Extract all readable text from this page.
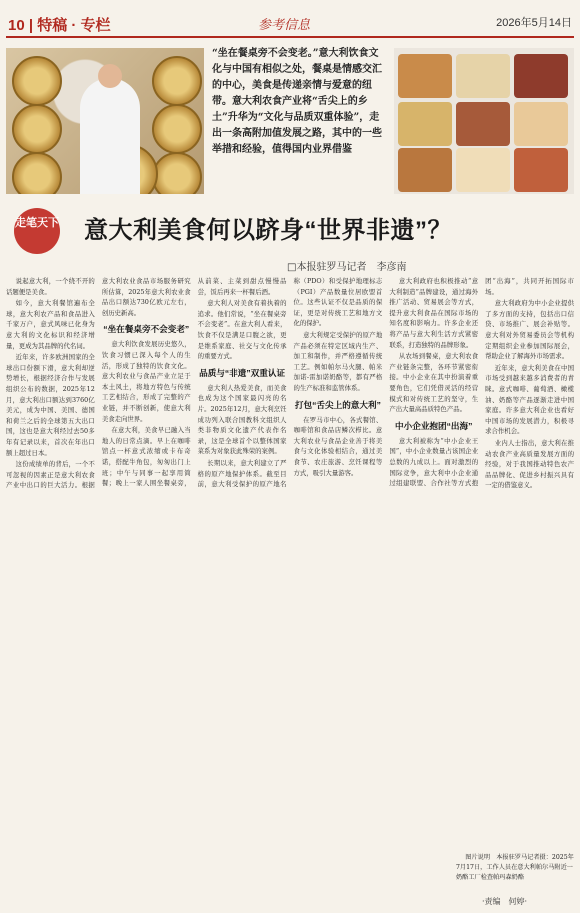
10 | 特稿 · 专栏	参考信息	2026年5月14日
“坐在餐桌旁不会变老。”意大利饮食文化与中国有相似之处，餐桌是情感交汇的中心，美食是传递亲情与爱意的纽带。意大利农食产业将“舌尖上的乡土”升华为“文化与品质双重体验”，走出一条高附加值发展之路，其中的一些举措和经验，值得国内业界借鉴
走笔天下 意大利美食何以跻身“世界非遗”？
□本报驻罗马记者　李彦南

说起意大利，一个绕不开的话题便是美食。

如今，意大利餐馆遍布全球，意大利农产品和食品进入千家万户，意式风味已化身为意大利的文化标识和经济增量，更成为其品牌的代名词。

近年来，许多欧洲国家的全球出口份额下滑，意大利却逆势增长，根据经济合作与发展组织公布的数据，2025年12月，意大利出口额达到3760亿美元，成为中国、美国、德国和荷兰之后的全球第五大出口国，这也是意大利经过去50多年有记录以来，首次在年出口额上超过日本。

这份成绩单的背后，一个不可忽视的因素正是意大利农食产业中出口的巨大活力。根据意大利农业食品市场服务研究所估算，2025年意大利农业食品出口额达730亿欧元左右，创历史新高。

“坐在餐桌旁不会变老”

意大利饮食发展历史悠久，饮食习惯已深入每个人的生活，形成了独特的饮食文化。意大利农业与食品产业立足于本土风土，将地方特色与传统工艺相结合，形成了完整的产业链，并不断创新，使意大利美食走向世界。

在意大利，美食早已融入当地人的日常点滴。早上在咖啡馆点一杯意式浓缩或卡布奇诺，搭配牛角包，匆匆出门上班；中午与同事一起享用简餐；晚上一家人围坐餐桌旁，从前菜、主菜到甜点慢慢品尝，饭后再来一杯餐后酒。

意大利人对美食有着执着的追求。他们常说，“坐在餐桌旁不会变老”。在意大利人看来，饮食不仅是满足口腹之欲，更是维系家庭、社交与文化传承的重要方式。

品质与“非遗”双重认证

意大利人热爱美食，而美食也成为这个国家最闪亮的名片。2025年12月，意大利烹饪成功列入联合国教科文组织人类非物质文化遗产代表作名录，这是全球首个以整体国家菜系为对象获此殊荣的案例。

长期以来，意大利建立了严格的原产地保护体系。截至目前，意大利受保护的原产地名称（PDO）和受保护地理标志（PGI）产品数量位居欧盟首位。这些认证不仅是品质的保证，更是对传统工艺和地方文化的保护。

意大利规定受保护的原产地产品必须在特定区域内生产、加工和制作，并严格遵循传统工艺。例如帕尔马火腿、帕米加诺-雷加诺奶酪等，都有严格的生产标准和监管体系。

打包“舌尖上的意大利”

在罗马市中心，各式餐馆、咖啡馆和食品店鳞次栉比。意大利农业与食品企业善于将美食与文化体验相结合，通过美食节、农庄旅游、烹饪课程等方式，吸引大量游客。

意大利政府也积极推动“意大利制造”品牌建设，通过海外推广活动、贸易展会等方式，提升意大利食品在国际市场的知名度和影响力。许多企业还将产品与意大利生活方式紧密联系，打造独特的品牌形象。

从农场到餐桌，意大利农食产业链条完整，各环节紧密衔接。中小企业在其中扮演着重要角色，它们凭借灵活的经营模式和对传统工艺的坚守，生产出大量高品质特色产品。

中小企业抱团“出海”

意大利被称为“中小企业王国”，中小企业数量占该国企业总数的九成以上。面对激烈的国际竞争，意大利中小企业通过组建联盟、合作社等方式抱团“出海”，共同开拓国际市场。

意大利政府为中小企业提供了多方面的支持，包括出口信贷、市场推广、展会补贴等。意大利对外贸易委员会等机构定期组织企业参加国际展会，帮助企业了解海外市场需求。

近年来，意大利美食在中国市场受到越来越多消费者的青睐。意式咖啡、葡萄酒、橄榄油、奶酪等产品逐渐走进中国家庭。许多意大利企业也看好中国市场的发展潜力，积极寻求合作机会。

业内人士指出，意大利在推动农食产业高质量发展方面的经验，对于我国推动特色农产品品牌化、促进乡村振兴具有一定的借鉴意义。

图片说明　本报驻罗马记者摄：2025年7月17日，工作人员在意大利帕尔马附近一奶酪工厂检查帕玛森奶酪
·责编　何婷·
